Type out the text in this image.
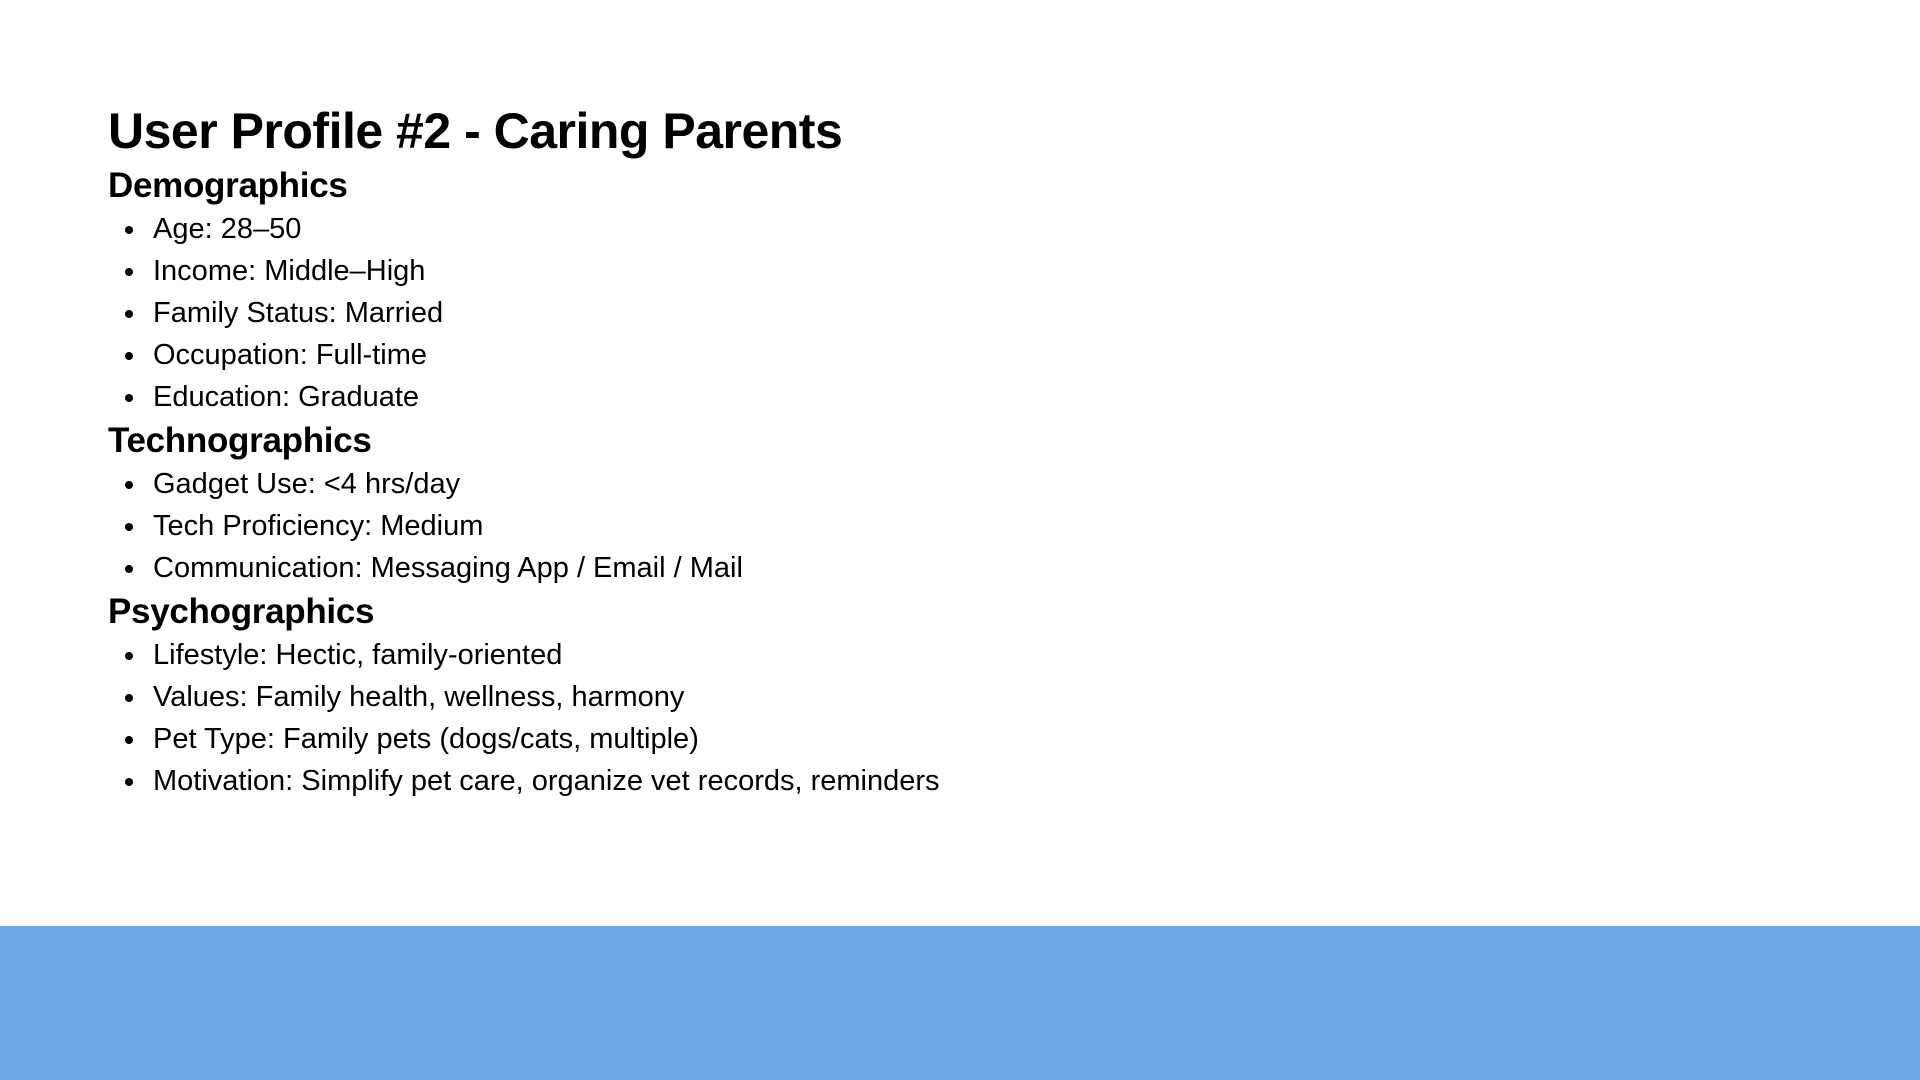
User Profile #2 - Caring Parents
Demographics
Age: 28–50
Income: Middle–High
Family Status: Married
Occupation: Full-time
Education: Graduate
Technographics
Gadget Use: <4 hrs/day
Tech Proficiency: Medium
Communication: Messaging App / Email / Mail
Psychographics
Lifestyle: Hectic, family-oriented
Values: Family health, wellness, harmony
Pet Type: Family pets (dogs/cats, multiple)
Motivation: Simplify pet care, organize vet records, reminders
